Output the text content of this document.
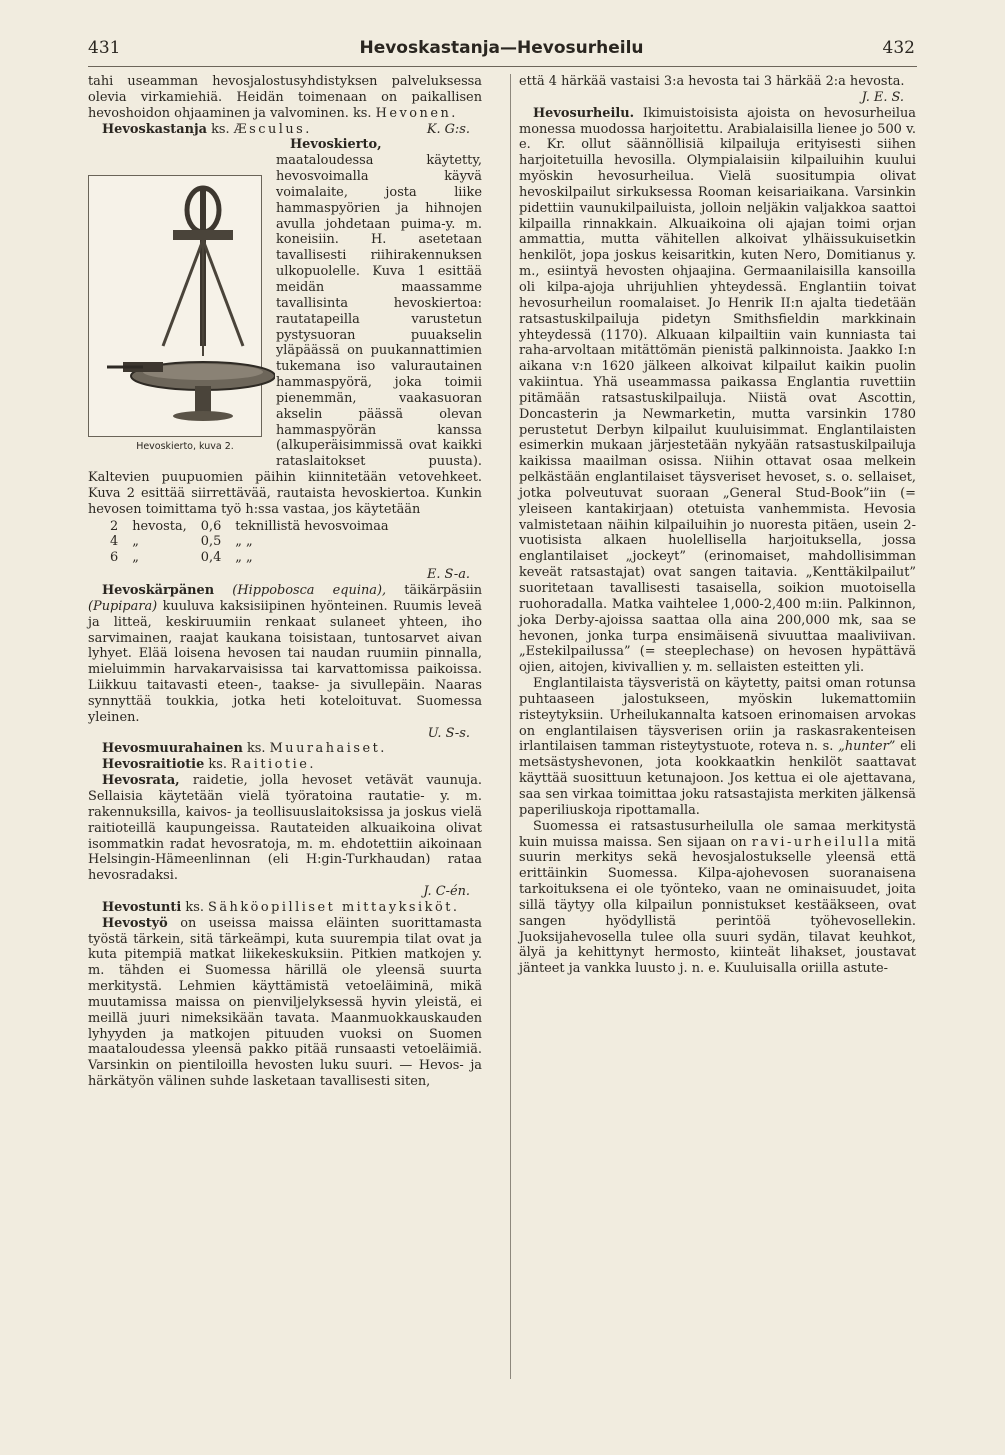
431	Hevoskastanja—Hevosurheilu	432

tahi useamman hevosjalostusyhdistyksen palveluksessa olevia virkamiehiä. Heidän toimenaan on paikallisen hevoshoidon ohjaaminen ja valvominen. ks. Hevonen.
K. G:s.

Hevoskastanja ks. Æsculus.

Hevoskierto,
Hevoskierto, kuva 2.
maataloudessa käytetty, hevosvoimalla käyvä voimalaite, josta liike hammaspyörien ja hihnojen avulla johdetaan puima-y. m. koneisiin. H. asetetaan tavallisesti riihirakennuksen ulkopuolelle. Kuva 1 esittää meidän maassamme tavallisinta hevoskiertoa: rautatapeilla varustetun pystysuoran puuakselin yläpäässä on puukannattimien tukemana iso valurautainen hammaspyörä, joka toimii pienemmän, vaakasuoran akselin päässä olevan hammaspyörän kanssa (alkuperäisimmissä ovat kaikki rataslaitokset puusta). Kaltevien puupuomien päihin kiinnitetään vetovehkeet. Kuva 2 esittää siirrettävää, rautaista hevoskiertoa. Kunkin hevosen toimittama työ h:ssa vastaa, jos käytetään

2	hevosta,	0,6	teknillistä hevosvoimaa
4	„	0,5	„ „
6	„	0,4	„ „
E. S-a.

Hevoskärpänen (Hippobosca equina), täikärpäsiin (Pupipara) kuuluva kaksisiipinen hyönteinen. Ruumis leveä ja litteä, keskiruumiin renkaat sulaneet yhteen, iho sarvimainen, raajat kaukana toisistaan, tuntosarvet aivan lyhyet. Elää loisena hevosen tai naudan ruumiin pinnalla, mieluimmin harvakarvaisissa tai karvattomissa paikoissa. Liikkuu taitavasti eteen-, taakse- ja sivullepäin. Naaras synnyttää toukkia, jotka heti koteloituvat. Suomessa yleinen.

U. S-s.

Hevosmuurahainen ks. Muurahaiset.

Hevosraitiotie ks. Raitiotie.

Hevosrata, raidetie, jolla hevoset vetävät vaunuja. Sellaisia käytetään vielä työratoina rautatie- y. m. rakennuksilla, kaivos- ja teollisuuslaitoksissa ja joskus vielä raitioteillä kaupungeissa. Rautateiden alkuaikoina olivat isommatkin radat hevosratoja, m. m. ehdotettiin aikoinaan Helsingin-Hämeenlinnan (eli H:gin-Turkhaudan) rataa hevosradaksi.

J. C-én.

Hevostunti ks. Sähköopilliset mittayksiköt.

Hevostyö on useissa maissa eläinten suorittamasta työstä tärkein, sitä tärkeämpi, kuta suurempia tilat ovat ja kuta pitempiä matkat liikekeskuksiin. Pitkien matkojen y. m. tähden ei Suomessa härillä ole yleensä suurta merkitystä. Lehmien käyttämistä vetoeläiminä, mikä muutamissa maissa on pienviljelyksessä hyvin yleistä, ei meillä juuri nimeksikään tavata. Maanmuokkauskauden lyhyyden ja matkojen pituuden vuoksi on Suomen maataloudessa yleensä pakko pitää runsaasti vetoeläimiä. Varsinkin on pientiloilla hevosten luku suuri. — Hevos- ja härkätyön välinen suhde lasketaan tavallisesti siten,

että 4 härkää vastaisi 3:a hevosta tai 3 härkää 2:a hevosta.

J. E. S.

Hevosurheilu. Ikimuistoisista ajoista on hevosurheilua monessa muodossa harjoitettu. Arabialaisilla lienee jo 500 v. e. Kr. ollut säännöllisiä kilpailuja erityisesti siihen harjoitetuilla hevosilla. Olympialaisiin kilpailuihin kuului myöskin hevosurheilua. Vielä suositumpia olivat hevoskilpailut sirkuksessa Rooman keisariaikana. Varsinkin pidettiin vaunukilpailuista, jolloin neljäkin valjakkoa saattoi kilpailla rinnakkain. Alkuaikoina oli ajajan toimi orjan ammattia, mutta vähitellen alkoivat ylhäissukuisetkin henkilöt, jopa joskus keisaritkin, kuten Nero, Domitianus y. m., esiintyä hevosten ohjaajina. Germaanilaisilla kansoilla oli kilpa-ajoja uhrijuhlien yhteydessä. Englantiin toivat hevosurheilun roomalaiset. Jo Henrik II:n ajalta tiedetään ratsastuskilpailuja pidetyn Smithsfieldin markkinain yhteydessä (1170). Alkuaan kilpailtiin vain kunniasta tai raha-arvoltaan mitättömän pienistä palkinnoista. Jaakko I:n aikana v:n 1620 jälkeen alkoivat kilpailut kaikin puolin vakiintua. Yhä useammassa paikassa Englantia ruvettiin pitämään ratsastuskilpailuja. Niistä ovat Ascottin, Doncasterin ja Newmarketin, mutta varsinkin 1780 perustetut Derbyn kilpailut kuuluisimmat. Englantilaisten esimerkin mukaan järjestetään nykyään ratsastuskilpailuja kaikissa maailman osissa. Niihin ottavat osaa melkein pelkästään englantilaiset täysveriset hevoset, s. o. sellaiset, jotka polveutuvat suoraan „General Stud-Book”iin (= yleiseen kantakirjaan) otetuista vanhemmista. Hevosia valmistetaan näihin kilpailuihin jo nuoresta pitäen, usein 2-vuotisista alkaen huolellisella harjoituksella, jossa englantilaiset „jockeyt” (erinomaiset, mahdollisimman keveät ratsastajat) ovat sangen taitavia. „Kenttäkilpailut” suoritetaan tavallisesti tasaisella, soikion muotoisella ruohoradalla. Matka vaihtelee 1,000-2,400 m:iin. Palkinnon, joka Derby-ajoissa saattaa olla aina 200,000 mk, saa se hevonen, jonka turpa ensimäisenä sivuuttaa maaliviivan. „Estekilpailussa” (= steeplechase) on hevosen hypättävä ojien, aitojen, kivivallien y. m. sellaisten esteitten yli.

Englantilaista täysveristä on käytetty, paitsi oman rotunsa puhtaaseen jalostukseen, myöskin lukemattomiin risteytyksiin. Urheilukannalta katsoen erinomaisen arvokas on englantilaisen täysverisen oriin ja raskasrakenteisen irlantilaisen tamman risteytystuote, roteva n. s. „hunter” eli metsästyshevonen, jota kookkaatkin henkilöt saattavat käyttää suosittuun ketunajoon. Jos kettua ei ole ajettavana, saa sen virkaa toimittaa joku ratsastajista merkiten jälkensä paperiliuskoja ripottamalla.

Suomessa ei ratsastusurheilulla ole samaa merkitystä kuin muissa maissa. Sen sijaan on ravi-urheilulla mitä suurin merkitys sekä hevosjalostukselle yleensä että erittäinkin Suomessa. Kilpa-ajohevosen suoranaisena tarkoituksena ei ole työnteko, vaan ne ominaisuudet, joita sillä täytyy olla kilpailun ponnistukset kestääkseen, ovat sangen hyödyllistä perintöä työhevosellekin. Juoksijahevosella tulee olla suuri sydän, tilavat keuhkot, älyä ja kehittynyt hermosto, kiinteät lihakset, joustavat jänteet ja vankka luusto j. n. e. Kuuluisalla oriilla astute-
